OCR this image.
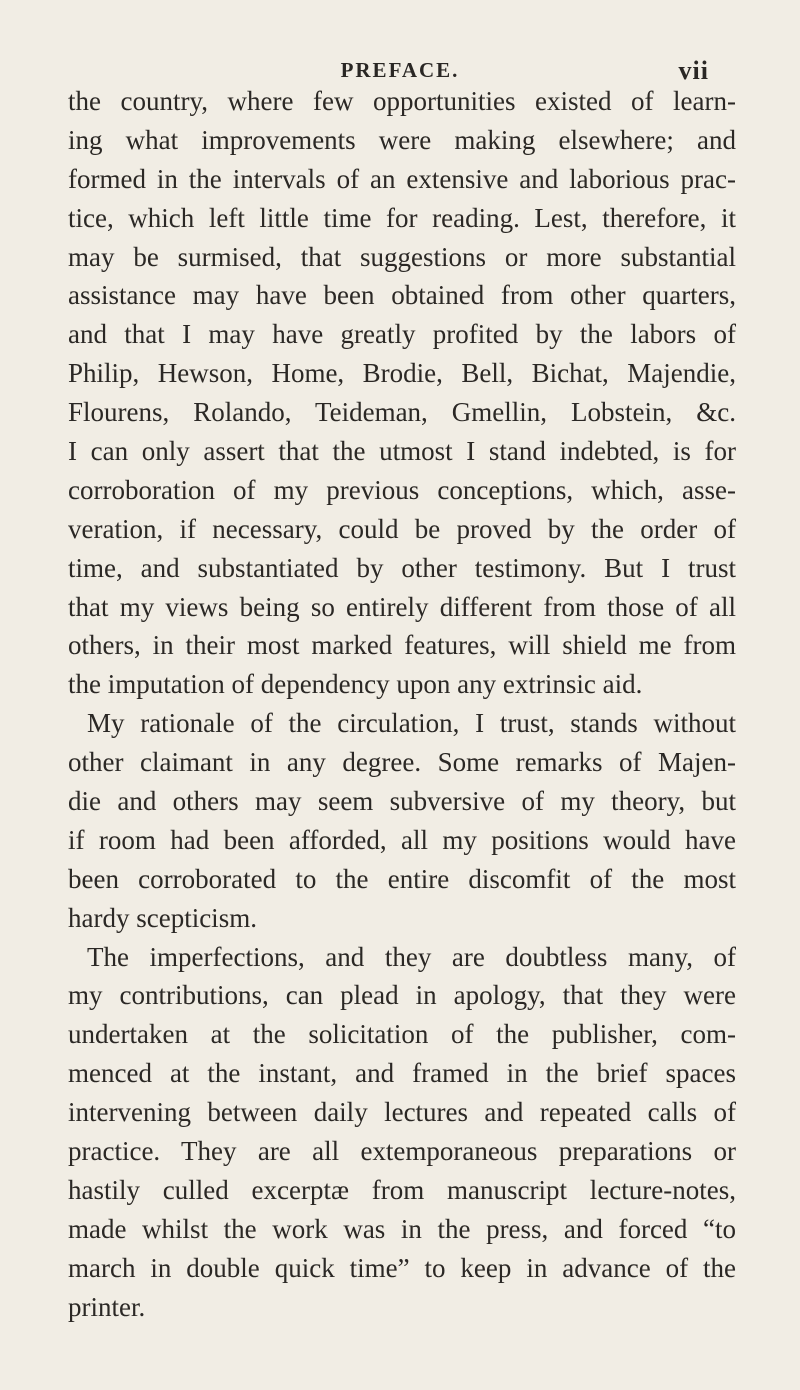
PREFACE.	vii
the country, where few opportunities existed of learn-
ing what improvements were making elsewhere; and
formed in the intervals of an extensive and laborious prac-
tice, which left little time for reading. Lest, therefore, it
may be surmised, that suggestions or more substantial
assistance may have been obtained from other quarters,
and that I may have greatly profited by the labors of
Philip, Hewson, Home, Brodie, Bell, Bichat, Majendie,
Flourens, Rolando, Teideman, Gmellin, Lobstein, &c.
I can only assert that the utmost I stand indebted, is for
corroboration of my previous conceptions, which, asse-
veration, if necessary, could be proved by the order of
time, and substantiated by other testimony. But I trust
that my views being so entirely different from those of all
others, in their most marked features, will shield me from
the imputation of dependency upon any extrinsic aid.
My rationale of the circulation, I trust, stands without
other claimant in any degree. Some remarks of Majen-
die and others may seem subversive of my theory, but
if room had been afforded, all my positions would have
been corroborated to the entire discomfit of the most
hardy scepticism.
The imperfections, and they are doubtless many, of
my contributions, can plead in apology, that they were
undertaken at the solicitation of the publisher, com-
menced at the instant, and framed in the brief spaces
intervening between daily lectures and repeated calls of
practice. They are all extemporaneous preparations or
hastily culled excerptæ from manuscript lecture-notes,
made whilst the work was in the press, and forced “to
march in double quick time” to keep in advance of the
printer.
